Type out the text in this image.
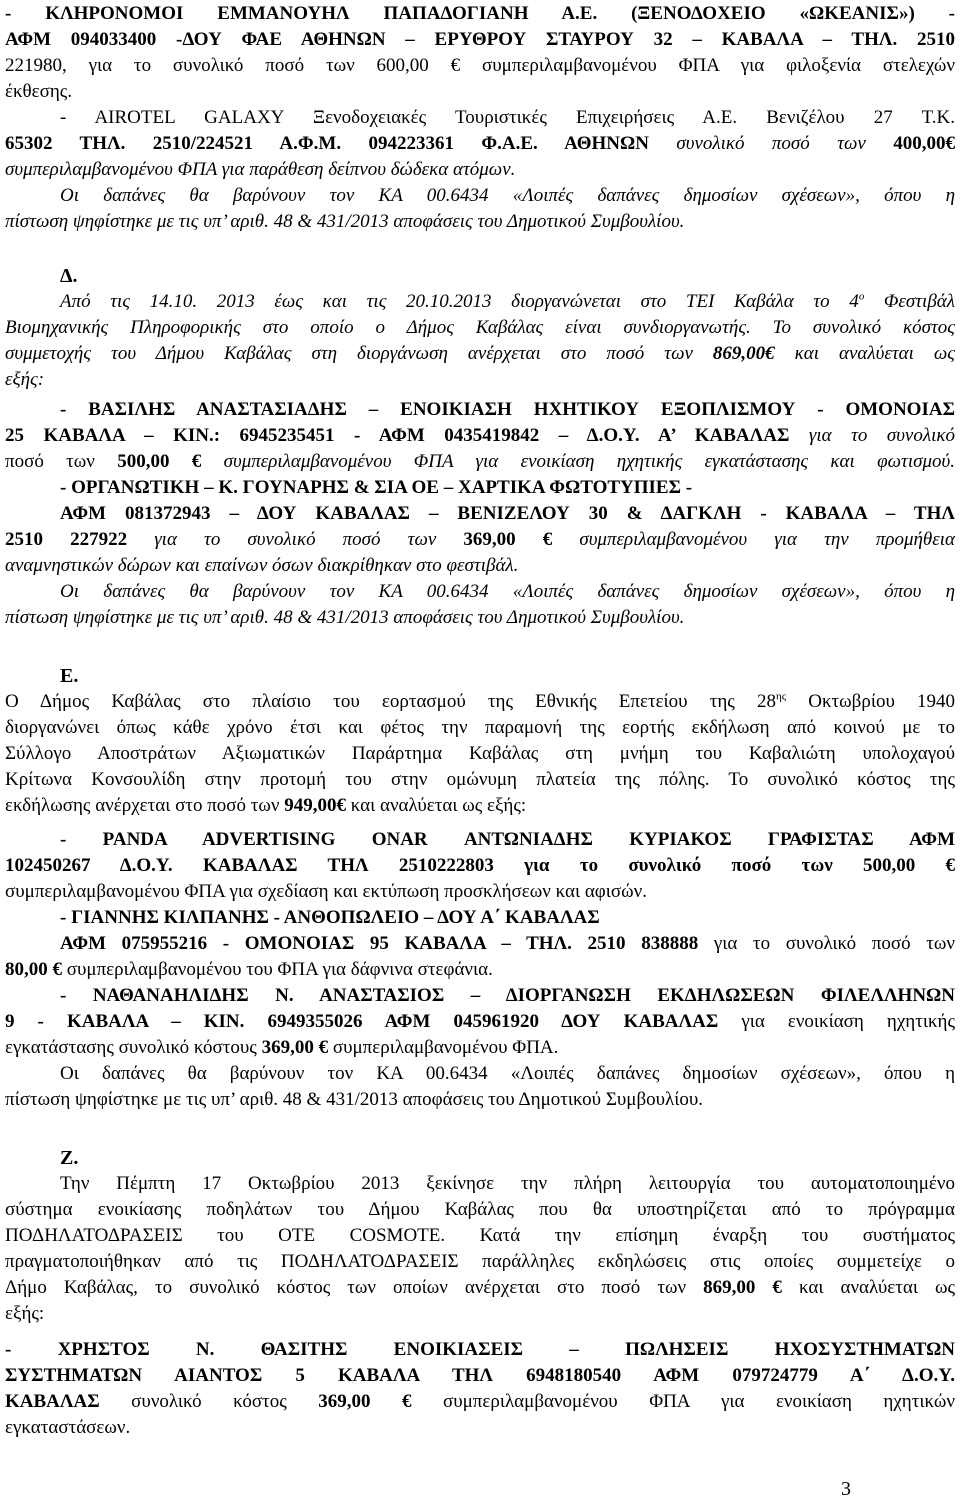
- ΚΛΗΡΟΝΟΜΟΙ ΕΜΜΑΝΟΥΗΛ ΠΑΠΑΔΟΓΙΑΝΗ Α.Ε. (ΞΕΝΟΔΟΧΕΙΟ «ΩΚΕΑΝΙΣ») -
ΑΦΜ 094033400 -ΔΟΥ ΦΑΕ ΑΘΗΝΩΝ – ΕΡΥΘΡΟΥ ΣΤΑΥΡΟΥ 32 – ΚΑΒΑΛΑ – ΤΗΛ. 2510
221980, για το συνολικό ποσό των 600,00 € συμπεριλαμβανομένου ΦΠΑ για φιλοξενία στελεχών
έκθεσης.
- AIROTEL GALAXY Ξενοδοχειακές Τουριστικές Επιχειρήσεις Α.Ε. Βενιζέλου 27 Τ.Κ.
65302 ΤΗΛ. 2510/224521 Α.Φ.Μ. 094223361 Φ.Α.Ε. ΑΘΗΝΩΝ συνολικό ποσό των 400,00€
συμπεριλαμβανομένου ΦΠΑ για παράθεση δείπνου δώδεκα ατόμων.
Οι δαπάνες θα βαρύνουν τον ΚΑ 00.6434 «Λοιπές δαπάνες δημοσίων σχέσεων», όπου η
πίστωση ψηφίστηκε με τις υπ’ αριθ. 48 & 431/2013 αποφάσεις του Δημοτικού Συμβουλίου.
Δ.
Από τις 14.10. 2013 έως και τις 20.10.2013 διοργανώνεται στο ΤΕΙ Καβάλα το $4^o$ Φεστιβάλ
Βιομηχανικής Πληροφορικής στο οποίο ο Δήμος Καβάλας είναι συνδιοργανωτής. Το συνολικό κόστος
συμμετοχής του Δήμου Καβάλας στη διοργάνωση ανέρχεται στο ποσό των 869,00€ και αναλύεται ως
εξής:
- ΒΑΣΙΛΗΣ ΑΝΑΣΤΑΣΙΑΔΗΣ – ΕΝΟΙΚΙΑΣΗ ΗΧΗΤΙΚΟΥ ΕΞΟΠΛΙΣΜΟΥ - ΟΜΟΝΟΙΑΣ
25 ΚΑΒΑΛΑ – ΚΙΝ.: 6945235451 - ΑΦΜ 0435419842 – Δ.Ο.Υ. Α’ ΚΑΒΑΛΑΣ για το συνολικό
ποσό των 500,00 € συμπεριλαμβανομένου ΦΠΑ για ενοικίαση ηχητικής εγκατάστασης και φωτισμού.
- ΟΡΓΑΝΩΤΙΚΗ – Κ. ΓΟΥΝΑΡΗΣ & ΣΙΑ ΟΕ – ΧΑΡΤΙΚΑ ΦΩΤΟΤΥΠΙΕΣ -
ΑΦΜ 081372943 – ΔΟΥ ΚΑΒΑΛΑΣ – ΒΕΝΙΖΕΛΟΥ 30 & ΔΑΓΚΛΗ - ΚΑΒΑΛΑ – ΤΗΛ
2510 227922 για το συνολικό ποσό των 369,00 € συμπεριλαμβανομένου για την προμήθεια
αναμνηστικών δώρων και επαίνων όσων διακρίθηκαν στο φεστιβάλ.
Οι δαπάνες θα βαρύνουν τον ΚΑ 00.6434 «Λοιπές δαπάνες δημοσίων σχέσεων», όπου η
πίστωση ψηφίστηκε με τις υπ’ αριθ. 48 & 431/2013 αποφάσεις του Δημοτικού Συμβουλίου.
Ε.
Ο Δήμος Καβάλας στο πλαίσιο του εορτασμού της Εθνικής Επετείου της $28^{\eta\varsigma}$ Οκτωβρίου 1940
διοργανώνει όπως κάθε χρόνο έτσι και φέτος την παραμονή της εορτής εκδήλωση από κοινού με το
Σύλλογο Αποστράτων Αξιωματικών Παράρτημα Καβάλας στη μνήμη του Καβαλιώτη υπολοχαγού
Κρίτωνα Κονσουλίδη στην προτομή του στην ομώνυμη πλατεία της πόλης. Το συνολικό κόστος της
εκδήλωσης ανέρχεται στο ποσό των 949,00€ και αναλύεται ως εξής:
- PANDA ADVERTISING ONAR ΑΝΤΩΝΙΑΔΗΣ ΚΥΡΙΑΚΟΣ ΓΡΑΦΙΣΤΑΣ ΑΦΜ
102450267 Δ.Ο.Υ. ΚΑΒΑΛΑΣ ΤΗΛ 2510222803 για το συνολικό ποσό των 500,00 €
συμπεριλαμβανομένου ΦΠΑ για σχεδίαση και εκτύπωση προσκλήσεων και αφισών.
- ΓΙΑΝΝΗΣ ΚΙΛΠΑΝΗΣ - ΑΝΘΟΠΩΛΕΙΟ – ΔΟΥ Α΄ ΚΑΒΑΛΑΣ
ΑΦΜ 075955216 - ΟΜΟΝΟΙΑΣ 95 ΚΑΒΑΛΑ – ΤΗΛ. 2510 838888 για το συνολικό ποσό των
80,00 € συμπεριλαμβανομένου του ΦΠΑ για δάφνινα στεφάνια.
- ΝΑΘΑΝΑΗΛΙΔΗΣ Ν. ΑΝΑΣΤΑΣΙΟΣ – ΔΙΟΡΓΑΝΩΣΗ ΕΚΔΗΛΩΣΕΩΝ ΦΙΛΕΛΛΗΝΩΝ
9 - ΚΑΒΑΛΑ – ΚΙΝ. 6949355026 ΑΦΜ 045961920 ΔΟΥ ΚΑΒΑΛΑΣ για ενοικίαση ηχητικής
εγκατάστασης συνολικό κόστους 369,00 € συμπεριλαμβανομένου ΦΠΑ.
Οι δαπάνες θα βαρύνουν τον ΚΑ 00.6434 «Λοιπές δαπάνες δημοσίων σχέσεων», όπου η
πίστωση ψηφίστηκε με τις υπ’ αριθ. 48 & 431/2013 αποφάσεις του Δημοτικού Συμβουλίου.
Ζ.
Την Πέμπτη 17 Οκτωβρίου 2013 ξεκίνησε την πλήρη λειτουργία του αυτοματοποιημένο
σύστημα ενοικίασης ποδηλάτων του Δήμου Καβάλας που θα υποστηρίζεται από το πρόγραμμα
ΠΟΔΗΛΑΤΟΔΡΑΣΕΙΣ του ΟΤΕ COSMOTE. Κατά την επίσημη έναρξη του συστήματος
πραγματοποιήθηκαν από τις ΠΟΔΗΛΑΤΟΔΡΑΣΕΙΣ παράλληλες εκδηλώσεις στις οποίες συμμετείχε ο
Δήμο Καβάλας, το συνολικό κόστος των οποίων ανέρχεται στο ποσό των 869,00 € και αναλύεται ως
εξής:
- ΧΡΗΣΤΟΣ Ν. ΘΑΣΙΤΗΣ ΕΝΟΙΚΙΑΣΕΙΣ – ΠΩΛΗΣΕΙΣ ΗΧΟΣΥΣΤΗΜΑΤΩΝ
ΣΥΣΤΗΜΑΤΩΝ ΑΙΑΝΤΟΣ 5 ΚΑΒΑΛΑ ΤΗΛ 6948180540 ΑΦΜ 079724779 Α΄ Δ.Ο.Υ.
ΚΑΒΑΛΑΣ συνολικό κόστος 369,00 € συμπεριλαμβανομένου ΦΠΑ για ενοικίαση ηχητικών
εγκαταστάσεων.
3
